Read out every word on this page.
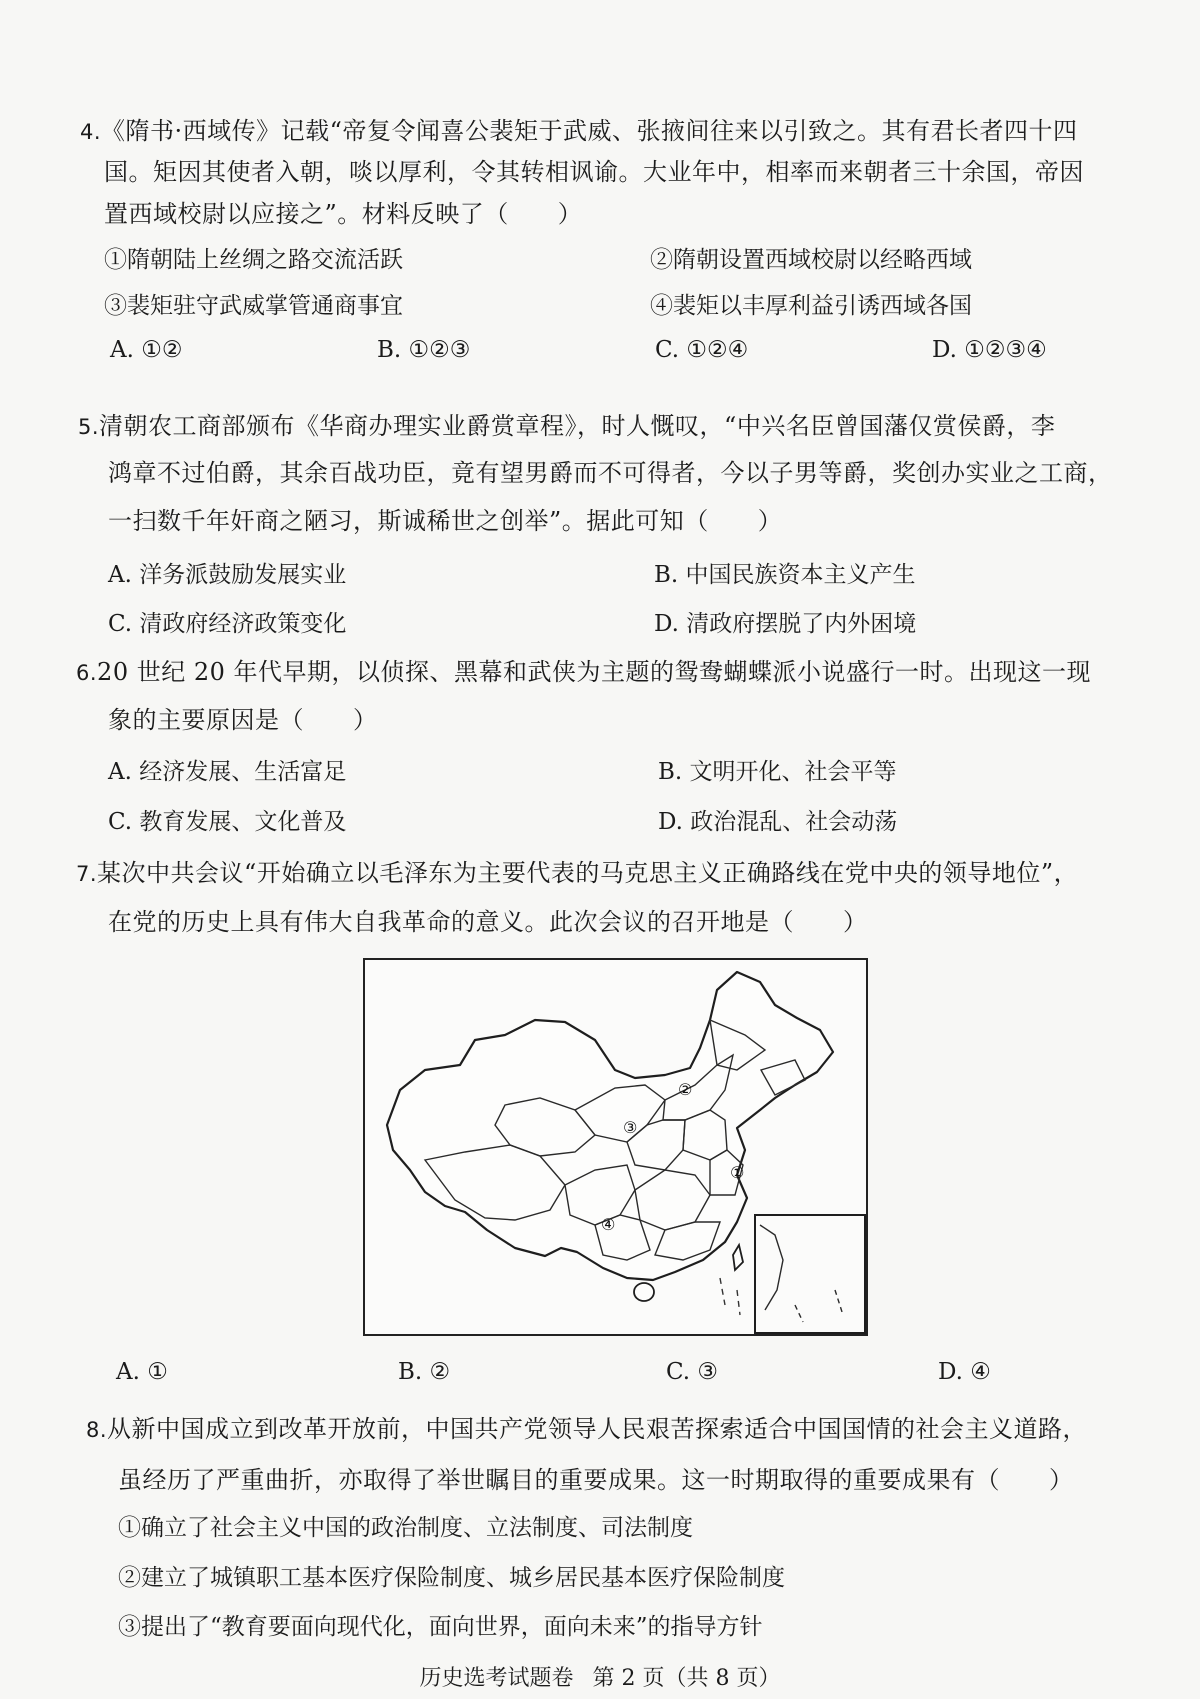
4.《隋书·西域传》记载“帝复令闻喜公裴矩于武威、张掖间往来以引致之。其有君长者四十四
国。矩因其使者入朝，啖以厚利，令其转相讽谕。大业年中，相率而来朝者三十余国，帝因
置西域校尉以应接之”。材料反映了（　　）
①隋朝陆上丝绸之路交流活跃	②隋朝设置西域校尉以经略西域
③裴矩驻守武威掌管通商事宜	④裴矩以丰厚利益引诱西域各国
A. ①②	B. ①②③	C. ①②④	D. ①②③④
5.清朝农工商部颁布《华商办理实业爵赏章程》，时人慨叹，“中兴名臣曾国藩仅赏侯爵，李
鸿章不过伯爵，其余百战功臣，竟有望男爵而不可得者，今以子男等爵，奖创办实业之工商，
一扫数千年奸商之陋习，斯诚稀世之创举”。据此可知（　　）
A. 洋务派鼓励发展实业	B. 中国民族资本主义产生
C. 清政府经济政策变化	D. 清政府摆脱了内外困境
6.20 世纪 20 年代早期，以侦探、黑幕和武侠为主题的鸳鸯蝴蝶派小说盛行一时。出现这一现
象的主要原因是（　　）
A. 经济发展、生活富足	B. 文明开化、社会平等
C. 教育发展、文化普及	D. 政治混乱、社会动荡
7.某次中共会议“开始确立以毛泽东为主要代表的马克思主义正确路线在党中央的领导地位”，
在党的历史上具有伟大自我革命的意义。此次会议的召开地是（　　）
①
②
③
④
A. ①	B. ②	C. ③	D. ④
8.从新中国成立到改革开放前，中国共产党领导人民艰苦探索适合中国国情的社会主义道路，
虽经历了严重曲折，亦取得了举世瞩目的重要成果。这一时期取得的重要成果有（　　）
①确立了社会主义中国的政治制度、立法制度、司法制度
②建立了城镇职工基本医疗保险制度、城乡居民基本医疗保险制度
③提出了“教育要面向现代化，面向世界，面向未来”的指导方针
历史选考试题卷 第 2 页（共 8 页）
